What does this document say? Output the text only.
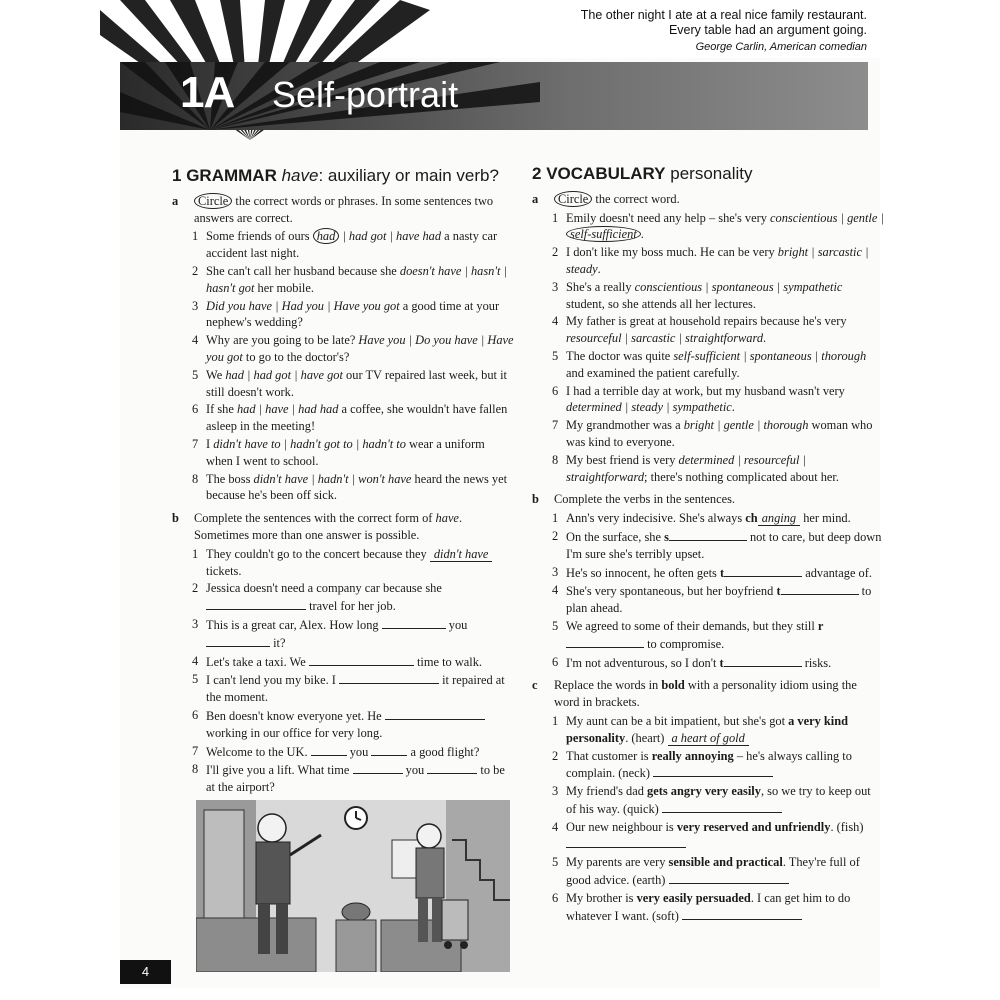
The other night I ate at a real nice family restaurant.
Every table had an argument going.
George Carlin, American comedian
1A Self-portrait
1 GRAMMAR have: auxiliary or main verb?
a	Circle the correct words or phrases. In some sentences two answers are correct.
1 Some friends of ours had | had got | have had a nasty car accident last night.
2 She can't call her husband because she doesn't have | hasn't | hasn't got her mobile.
3 Did you have | Had you | Have you got a good time at your nephew's wedding?
4 Why are you going to be late? Have you | Do you have | Have you got to go to the doctor's?
5 We had | had got | have got our TV repaired last week, but it still doesn't work.
6 If she had | have | had had a coffee, she wouldn't have fallen asleep in the meeting!
7 I didn't have to | hadn't got to | hadn't to wear a uniform when I went to school.
8 The boss didn't have | hadn't | won't have heard the news yet because he's been off sick.
b	Complete the sentences with the correct form of have. Sometimes more than one answer is possible.
1 They couldn't go to the concert because they didn't have tickets.
2 Jessica doesn't need a company car because she  travel for her job.
3 This is a great car, Alex. How long	you  it?
4 Let's take a taxi. We	time to walk.
5 I can't lend you my bike. I	it repaired at the moment.
6 Ben doesn't know everyone yet. He  working in our office for very long.
7 Welcome to the UK.	you	a good flight?
8 I'll give you a lift. What time	you	to be at the airport?
2 VOCABULARY personality
a	Circle the correct word.
1 Emily doesn't need any help – she's very conscientious | gentle | self-sufficient .
2 I don't like my boss much. He can be very bright | sarcastic | steady.
3 She's a really conscientious | spontaneous | sympathetic student, so she attends all her lectures.
4 My father is great at household repairs because he's very resourceful | sarcastic | straightforward.
5 The doctor was quite self-sufficient | spontaneous | thorough and examined the patient carefully.
6 I had a terrible day at work, but my husband wasn't very determined | steady | sympathetic.
7 My grandmother was a bright | gentle | thorough woman who was kind to everyone.
8 My best friend is very determined | resourceful | straightforward; there's nothing complicated about her.
b	Complete the verbs in the sentences.
1 Ann's very indecisive. She's always ch anging her mind.
2 On the surface, she s	not to care, but deep down I'm sure she's terribly upset.
3 He's so innocent, he often gets t	advantage of.
4 She's very spontaneous, but her boyfriend t	to plan ahead.
5 We agreed to some of their demands, but they still r to compromise.
6 I'm not adventurous, so I don't t	risks.
c	Replace the words in bold with a personality idiom using the word in brackets.
1 My aunt can be a bit impatient, but she's got a very kind personality. (heart) a heart of gold
2 That customer is really annoying – he's always calling to complain. (neck)
3 My friend's dad gets angry very easily, so we try to keep out of his way. (quick)
4 Our new neighbour is very reserved and unfriendly. (fish)
5 My parents are very sensible and practical. They're full of good advice. (earth)
6 My brother is very easily persuaded. I can get him to do whatever I want. (soft)
4
